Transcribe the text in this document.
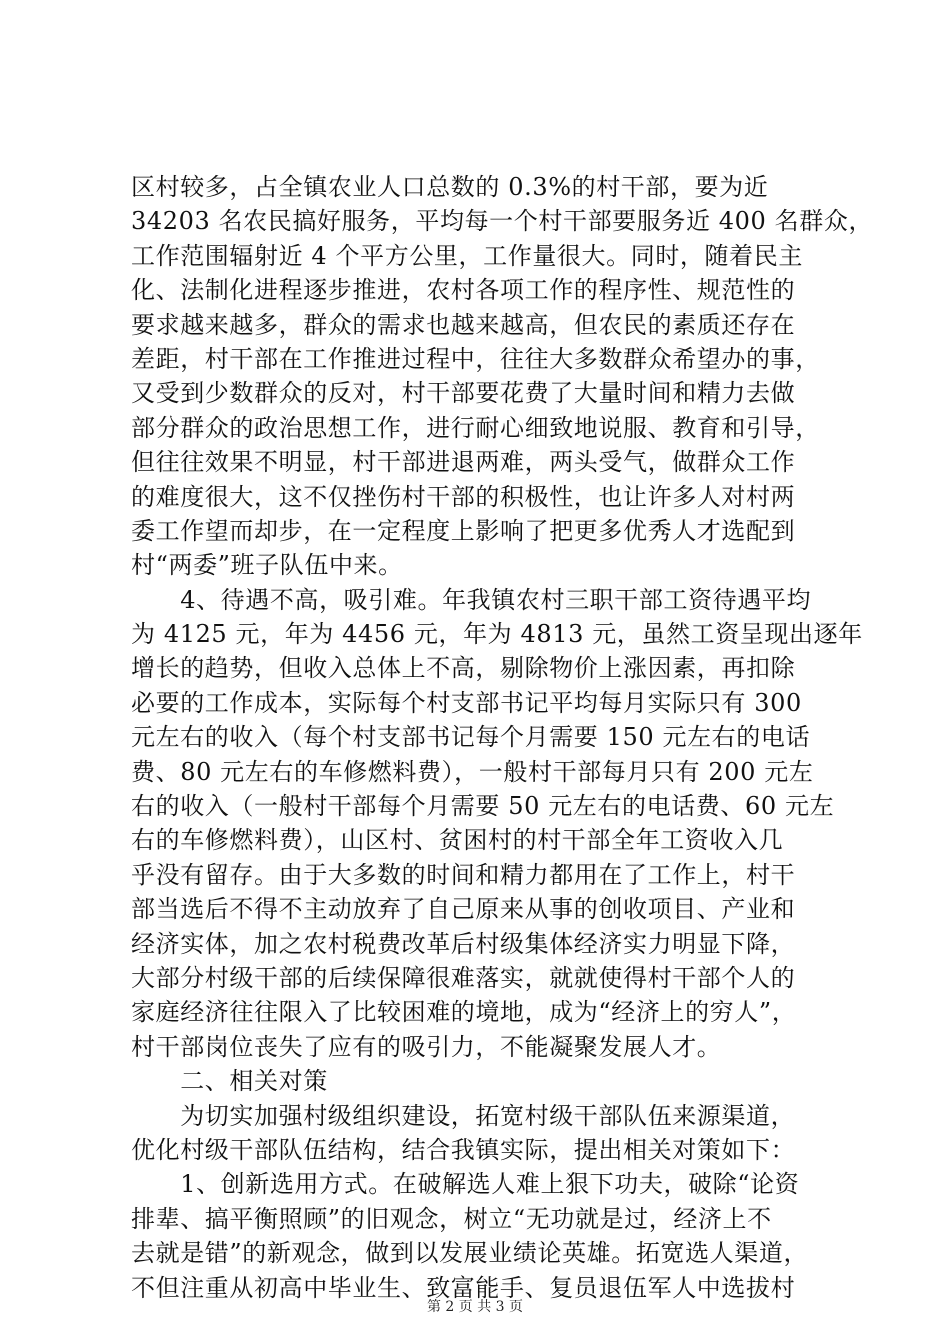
区村较多，占全镇农业人口总数的 0.3%的村干部，要为近
34203 名农民搞好服务，平均每一个村干部要服务近 400 名群众，
工作范围辐射近 4 个平方公里，工作量很大。同时，随着民主
化、法制化进程逐步推进，农村各项工作的程序性、规范性的
要求越来越多，群众的需求也越来越高，但农民的素质还存在
差距，村干部在工作推进过程中，往往大多数群众希望办的事，
又受到少数群众的反对，村干部要花费了大量时间和精力去做
部分群众的政治思想工作，进行耐心细致地说服、教育和引导，
但往往效果不明显，村干部进退两难，两头受气，做群众工作
的难度很大，这不仅挫伤村干部的积极性，也让许多人对村两
委工作望而却步，在一定程度上影响了把更多优秀人才选配到
村“两委”班子队伍中来。
　　4、待遇不高，吸引难。年我镇农村三职干部工资待遇平均
为 4125 元，年为 4456 元，年为 4813 元，虽然工资呈现出逐年
增长的趋势，但收入总体上不高，剔除物价上涨因素，再扣除
必要的工作成本，实际每个村支部书记平均每月实际只有 300
元左右的收入（每个村支部书记每个月需要 150 元左右的电话
费、80 元左右的车修燃料费），一般村干部每月只有 200 元左
右的收入（一般村干部每个月需要 50 元左右的电话费、60 元左
右的车修燃料费），山区村、贫困村的村干部全年工资收入几
乎没有留存。由于大多数的时间和精力都用在了工作上，村干
部当选后不得不主动放弃了自己原来从事的创收项目、产业和
经济实体，加之农村税费改革后村级集体经济实力明显下降，
大部分村级干部的后续保障很难落实，就就使得村干部个人的
家庭经济往往限入了比较困难的境地，成为“经济上的穷人”，
村干部岗位丧失了应有的吸引力，不能凝聚发展人才。
　　二、相关对策
　　为切实加强村级组织建设，拓宽村级干部队伍来源渠道，
优化村级干部队伍结构，结合我镇实际，提出相关对策如下：
　　1、创新选用方式。在破解选人难上狠下功夫，破除“论资
排辈、搞平衡照顾”的旧观念，树立“无功就是过，经济上不
去就是错”的新观念，做到以发展业绩论英雄。拓宽选人渠道，
不但注重从初高中毕业生、致富能手、复员退伍军人中选拔村
第 2 页 共 3 页
